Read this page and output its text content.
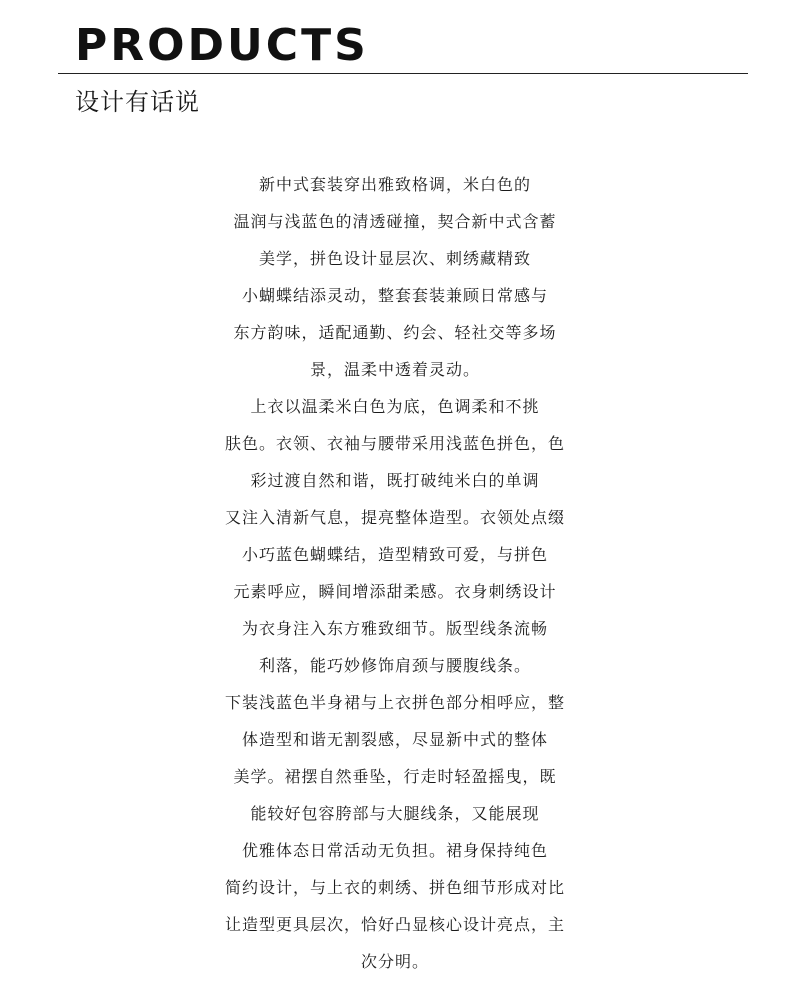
PRODUCTS
设计有话说
新中式套装穿出雅致格调，米白色的
温润与浅蓝色的清透碰撞，契合新中式含蓄
美学，拼色设计显层次、刺绣藏精致
小蝴蝶结添灵动，整套套装兼顾日常感与
东方韵味，适配通勤、约会、轻社交等多场
景，温柔中透着灵动。
上衣以温柔米白色为底，色调柔和不挑
肤色。衣领、衣袖与腰带采用浅蓝色拼色，色
彩过渡自然和谐，既打破纯米白的单调
又注入清新气息，提亮整体造型。衣领处点缀
小巧蓝色蝴蝶结，造型精致可爱，与拼色
元素呼应，瞬间增添甜柔感。衣身刺绣设计
为衣身注入东方雅致细节。版型线条流畅
利落，能巧妙修饰肩颈与腰腹线条。
下装浅蓝色半身裙与上衣拼色部分相呼应，整
体造型和谐无割裂感，尽显新中式的整体
美学。裙摆自然垂坠，行走时轻盈摇曳，既
能较好包容胯部与大腿线条，又能展现
优雅体态日常活动无负担。裙身保持纯色
简约设计，与上衣的刺绣、拼色细节形成对比
让造型更具层次，恰好凸显核心设计亮点，主
次分明。
